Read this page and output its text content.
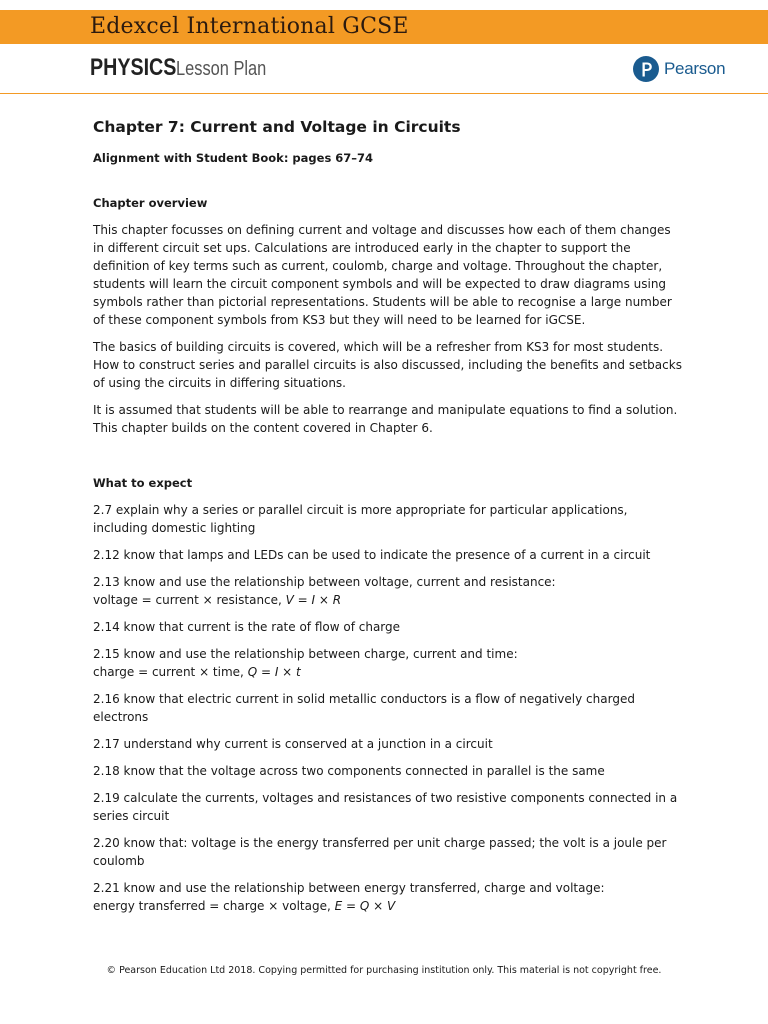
Edexcel International GCSE
PHYSICS Lesson Plan	Pearson
Chapter 7: Current and Voltage in Circuits
Alignment with Student Book: pages 67–74
Chapter overview

This chapter focusses on defining current and voltage and discusses how each of them changes in different circuit set ups. Calculations are introduced early in the chapter to support the definition of key terms such as current, coulomb, charge and voltage. Throughout the chapter, students will learn the circuit component symbols and will be expected to draw diagrams using symbols rather than pictorial representations. Students will be able to recognise a large number of these component symbols from KS3 but they will need to be learned for iGCSE.

The basics of building circuits is covered, which will be a refresher from KS3 for most students. How to construct series and parallel circuits is also discussed, including the benefits and setbacks of using the circuits in differing situations.

It is assumed that students will be able to rearrange and manipulate equations to find a solution. This chapter builds on the content covered in Chapter 6.

What to expect

2.7 explain why a series or parallel circuit is more appropriate for particular applications, including domestic lighting

2.12 know that lamps and LEDs can be used to indicate the presence of a current in a circuit

2.13 know and use the relationship between voltage, current and resistance:
voltage = current × resistance, V = I × R

2.14 know that current is the rate of flow of charge

2.15 know and use the relationship between charge, current and time:
charge = current × time, Q = I × t

2.16 know that electric current in solid metallic conductors is a flow of negatively charged electrons

2.17 understand why current is conserved at a junction in a circuit

2.18 know that the voltage across two components connected in parallel is the same

2.19 calculate the currents, voltages and resistances of two resistive components connected in a series circuit

2.20 know that: voltage is the energy transferred per unit charge passed; the volt is a joule per coulomb

2.21 know and use the relationship between energy transferred, charge and voltage:
energy transferred = charge × voltage, E = Q × V

© Pearson Education Ltd 2018. Copying permitted for purchasing institution only. This material is not copyright free.
